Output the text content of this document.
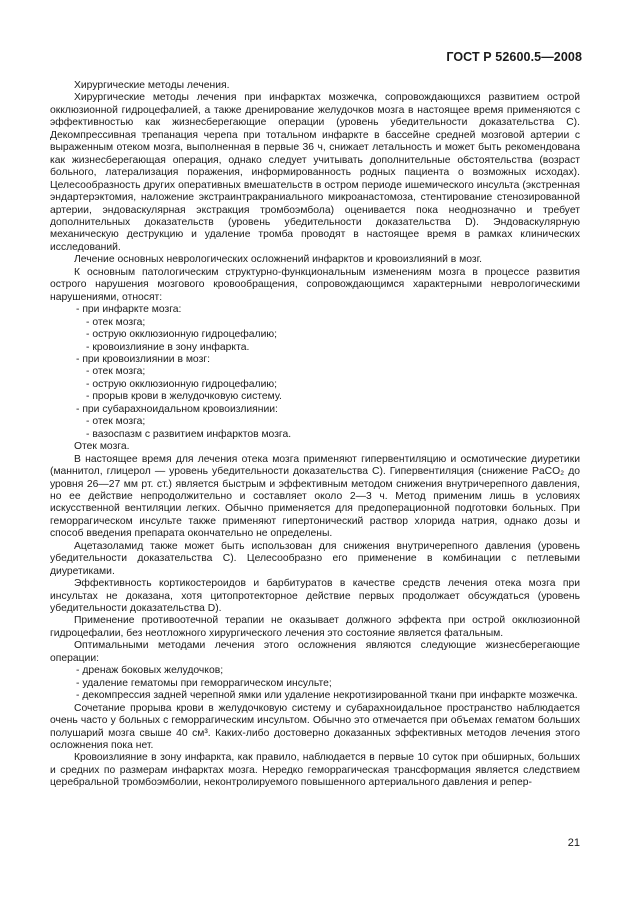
ГОСТ Р 52600.5—2008

Хирургические методы лечения.

Хирургические методы лечения при инфарктах мозжечка, сопровождающихся развитием острой окклюзионной гидроцефалией, а также дренирование желудочков мозга в настоящее время применяются с эффективностью как жизнесберегающие операции (уровень убедительности доказательства С). Декомпрессивная трепанация черепа при тотальном инфаркте в бассейне средней мозговой артерии с выраженным отеком мозга, выполненная в первые 36 ч, снижает летальность и может быть рекомендована как жизнесберегающая операция, однако следует учитывать дополнительные обстоятельства (возраст больного, латерализация поражения, информированность родных пациента о возможных исходах). Целесообразность других оперативных вмешательств в остром периоде ишемического инсульта (экстренная эндартерэктомия, наложение экстраинтракраниального микроанастомоза, стентирование стенозированной артерии, эндоваскулярная экстракция тромбоэмбола) оценивается пока неоднозначно и требует дополнительных доказательств (уровень убедительности доказательства D). Эндоваскулярную механическую деструкцию и удаление тромба проводят в настоящее время в рамках клинических исследований.

Лечение основных неврологических осложнений инфарктов и кровоизлияний в мозг.

К основным патологическим структурно-функциональным изменениям мозга в процессе развития острого нарушения мозгового кровообращения, сопровождающимся характерными неврологическими нарушениями, относят:

- при инфаркте мозга:

- отек мозга;

- острую окклюзионную гидроцефалию;

- кровоизлияние в зону инфаркта.

- при кровоизлиянии в мозг:

- отек мозга;

- острую окклюзионную гидроцефалию;

- прорыв крови в желудочковую систему.

- при субарахноидальном кровоизлиянии:

- отек мозга;

- вазоспазм с развитием инфарктов мозга.

Отек мозга.

В настоящее время для лечения отека мозга применяют гипервентиляцию и осмотические диуретики (маннитол, глицерол — уровень убедительности доказательства С). Гипервентиляция (снижение PaCO₂ до уровня 26—27 мм рт. ст.) является быстрым и эффективным методом снижения внутричерепного давления, но ее действие непродолжительно и составляет около 2—3 ч. Метод применим лишь в условиях искусственной вентиляции легких. Обычно применяется для предоперационной подготовки больных. При геморрагическом инсульте также применяют гипертонический раствор хлорида натрия, однако дозы и способ введения препарата окончательно не определены.

Ацетазоламид также может быть использован для снижения внутричерепного давления (уровень убедительности доказательства С). Целесообразно его применение в комбинации с петлевыми диуретиками.

Эффективность кортикостероидов и барбитуратов в качестве средств лечения отека мозга при инсультах не доказана, хотя цитопротекторное действие первых продолжает обсуждаться (уровень убедительности доказательства D).

Применение противоотечной терапии не оказывает должного эффекта при острой окклюзионной гидроцефалии, без неотложного хирургического лечения это состояние является фатальным.

Оптимальными методами лечения этого осложнения являются следующие жизнесберегающие операции:

- дренаж боковых желудочков;

- удаление гематомы при геморрагическом инсульте;

- декомпрессия задней черепной ямки или удаление некротизированной ткани при инфаркте мозжечка.

Сочетание прорыва крови в желудочковую систему и субарахноидальное пространство наблюдается очень часто у больных с геморрагическим инсультом. Обычно это отмечается при объемах гематом больших полушарий мозга свыше 40 см³. Какиx-либо достоверно доказанных эффективных методов лечения этого осложнения пока нет.

Кровоизлияние в зону инфаркта, как правило, наблюдается в первые 10 суток при обширных, больших и средних по размерам инфарктах мозга. Нередко геморрагическая трансформация является следствием церебральной тромбоэмболии, неконтролируемого повышенного артериального давления и репер-

21
